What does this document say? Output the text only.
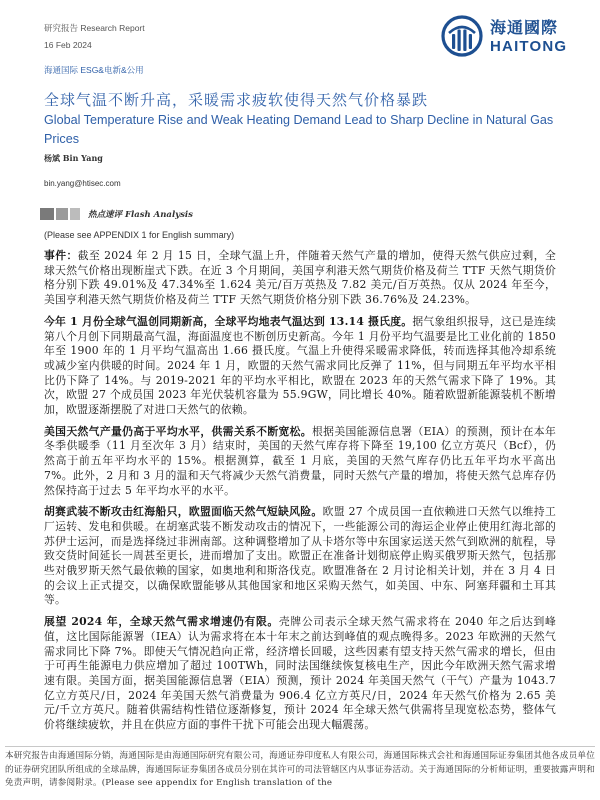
研究报告 Research Report
16 Feb 2024
海通国际 ESG&电新&公用
海通國際
HAITONG
全球气温不断升高，采暖需求疲软使得天然气价格暴跌
Global Temperature Rise and Weak Heating Demand Lead to Sharp Decline in Natural Gas Prices
杨斌 Bin Yang
bin.yang@htisec.com
热点速评 Flash Analysis
(Please see APPENDIX 1 for English summary)

事件：截至 2024 年 2 月 15 日，全球气温上升，伴随着天然气产量的增加，使得天然气供应过剩，全球天然气价格出现断崖式下跌。在近 3 个月期间，美国亨利港天然气期货价格及荷兰 TTF 天然气期货价格分别下跌 49.01%及 47.34%至 1.624 美元/百万英热及 7.82 美元/百万英热。仅从 2024 年至今，美国亨利港天然气期货价格及荷兰 TTF 天然气期货价格分别下跌 36.76%及 24.23%。

今年 1 月份全球气温创同期新高，全球平均地表气温达到 13.14 摄氏度。据气象组织报导，这已是连续第八个月创下同期最高气温，海面温度也不断创历史新高。今年 1 月份平均气温要是比工业化前的 1850 年至 1900 年的 1 月平均气温高出 1.66 摄氏度。气温上升使得采暖需求降低，转而选择其他冷却系统或减少室内供暖的时间。2024 年 1 月，欧盟的天然气需求同比反弹了 11%，但与同期五年平均水平相比仍下降了 14%。与 2019-2021 年的平均水平相比，欧盟在 2023 年的天然气需求下降了 19%。其次，欧盟 27 个成员国 2023 年光伏装机容量为 55.9GW，同比增长 40%。随着欧盟新能源装机不断增加，欧盟逐渐摆脱了对进口天然气的依赖。

美国天然气产量仍高于平均水平，供需关系不断宽松。根据美国能源信息署（EIA）的预测，预计在本年冬季供暖季（11 月至次年 3 月）结束时，美国的天然气库存将下降至 19,100 亿立方英尺（Bcf），仍然高于前五年平均水平的 15%。根据测算，截至 1 月底，美国的天然气库存仍比五年平均水平高出 7%。此外，2 月和 3 月的温和天气将减少天然气消费量，同时天然气产量的增加，将使天然气总库存仍然保持高于过去 5 年平均水平的水平。

胡赛武装不断攻击红海船只，欧盟面临天然气短缺风险。欧盟 27 个成员国一直依赖进口天然气以维持工厂运转、发电和供暖。在胡塞武装不断发动攻击的情况下，一些能源公司的海运企业停止使用红海北部的苏伊士运河，而是选择绕过非洲南部。这种调整增加了从卡塔尔等中东国家运送天然气到欧洲的航程，导致交货时间延长一周甚至更长，进而增加了支出。欧盟正在准备计划彻底停止购买俄罗斯天然气，包括那些对俄罗斯天然气最依赖的国家，如奥地利和斯洛伐克。欧盟准备在 2 月讨论相关计划，并在 3 月 4 日的会议上正式提交，以确保欧盟能够从其他国家和地区采购天然气，如美国、中东、阿塞拜疆和土耳其等。

展望 2024 年，全球天然气需求增速仍有限。壳牌公司表示全球天然气需求将在 2040 年之后达到峰值，这比国际能源署（IEA）认为需求将在本十年末之前达到峰值的观点晚得多。2023 年欧洲的天然气需求同比下降 7%。即使天气情况趋向正常，经济增长回暖，这些因素有望支持天然气需求的增长，但由于可再生能源电力供应增加了超过 100TWh，同时法国继续恢复核电生产，因此今年欧洲天然气需求增速有限。美国方面，据美国能源信息署（EIA）预测，预计 2024 年美国天然气（干气）产量为 1043.7 亿立方英尺/日，2024 年美国天然气消费量为 906.4 亿立方英尺/日，2024 年天然气价格为 2.65 美元/千立方英尺。随着供需结构性错位逐渐修复，预计 2024 年全球天然气供需将呈现宽松态势，整体气价将继续疲软，并且在供应方面的事件干扰下可能会出现大幅震荡。

本研究报告由海通国际分销，海通国际是由海通国际研究有限公司，海通证券印度私人有限公司，海通国际株式会社和海通国际证券集团其他各成员单位的证券研究团队所组成的全球品牌，海通国际证券集团各成员分别在其许可的司法管辖区内从事证券活动。关于海通国际的分析师证明，重要披露声明和免责声明，请参阅附录。(Please see appendix for English translation of the
